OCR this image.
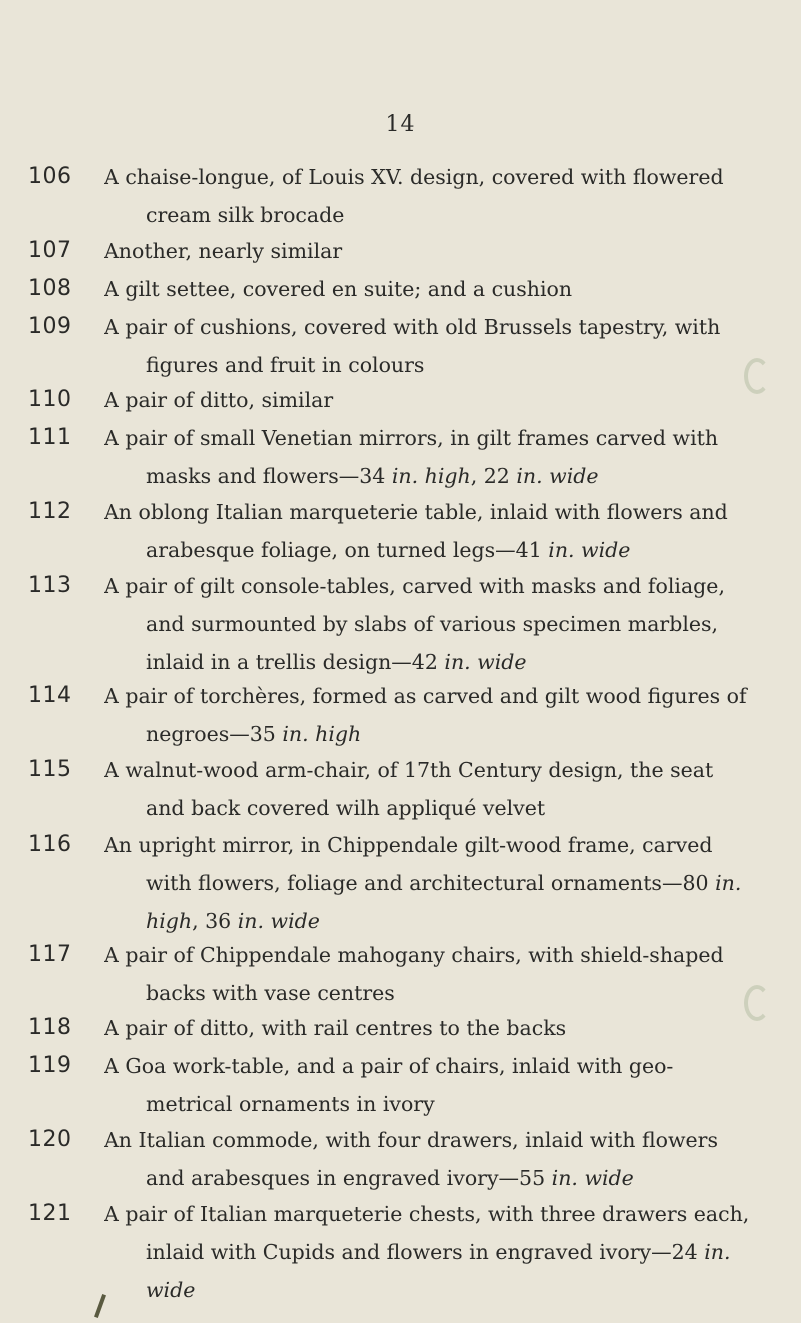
14
106	A chaise-longue, of Louis XV. design, covered with flowered
cream silk brocade
107	Another, nearly similar
108	A gilt settee, covered en suite; and a cushion
109	A pair of cushions, covered with old Brussels tapestry, with
figures and fruit in colours
110	A pair of ditto, similar
111	A pair of small Venetian mirrors, in gilt frames carved with
masks and flowers—34 in. high, 22 in. wide
112	An oblong Italian marqueterie table, inlaid with flowers and
arabesque foliage, on turned legs—41 in. wide
113	A pair of gilt console-tables, carved with masks and foliage,
and surmounted by slabs of various specimen marbles,
inlaid in a trellis design—42 in. wide
114	A pair of torchères, formed as carved and gilt wood figures of
negroes—35 in. high
115	A walnut-wood arm-chair, of 17th Century design, the seat
and back covered wilh appliqué velvet
116	An upright mirror, in Chippendale gilt-wood frame, carved
with flowers, foliage and architectural ornaments—80 in.
high, 36 in. wide
117	A pair of Chippendale mahogany chairs, with shield-shaped
backs with vase centres
118	A pair of ditto, with rail centres to the backs
119	A Goa work-table, and a pair of chairs, inlaid with geo-
metrical ornaments in ivory
120	An Italian commode, with four drawers, inlaid with flowers
and arabesques in engraved ivory—55 in. wide
121	A pair of Italian marqueterie chests, with three drawers each,
inlaid with Cupids and flowers in engraved ivory—24 in.
wide
